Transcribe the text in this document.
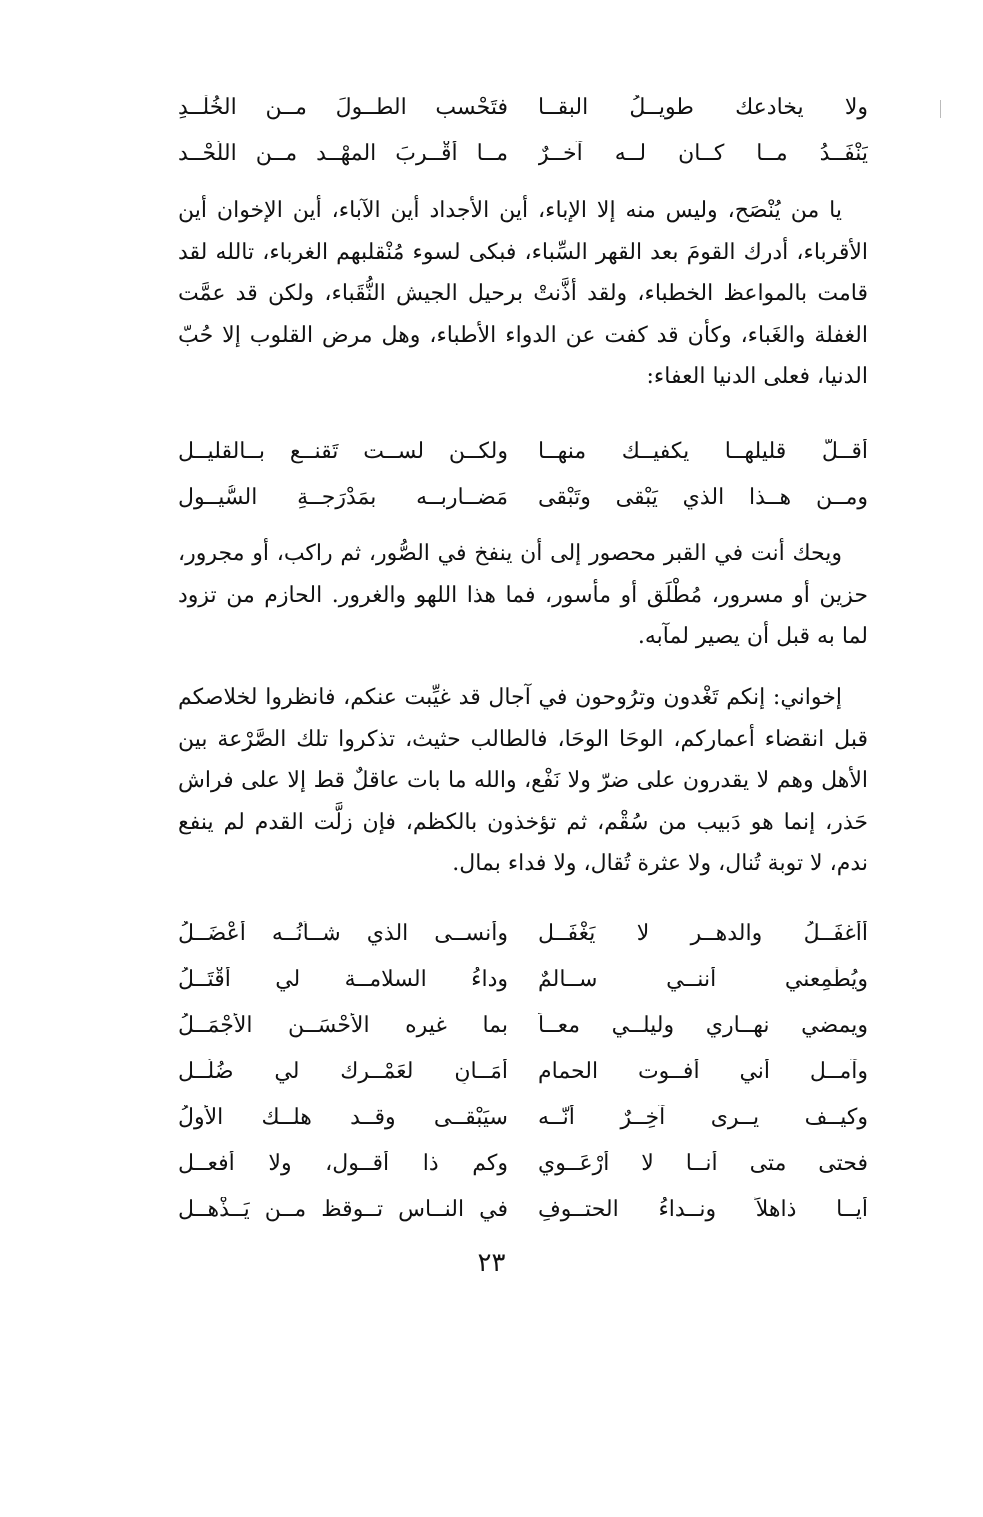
ولا يخادعك طويــلُ البقــا
فتَحْسب الطــولَ مــن الخُلْــدِ
يَنْفَــدُ مــا كــان لــه آخــرٌ
مــا أَقْــربَ المهْــد مــن اللَّحْــد

يا من يُنْصَح، وليس منه إلا الإباء، أين الأجداد أين الآباء، أين الإخوان أين الأقرباء، أدرك القومَ بعد القهر السِّباء، فبكى لسوء مُنْقلبهم الغرباء، تالله لقد قامت بالمواعظ الخطباء، ولقد أذَّنتْ برحيل الجيش النُّقَباء، ولكن قد عمَّت الغفلة والغَباء، وكأن قد كفت عن الدواء الأطباء، وهل مرض القلوب إلا حُبّ الدنيا، فعلى الدنيا العفاء:

أقــلُّ قليلهــا يكفيــك منهــا
ولكــن لســت تَقنــع بــالقليــل
ومــن هــذا الذي يَبْقى وتَبْقى
مَضــاربــه بمَدْرَجــةِ السُّيــول

ويحك أنت في القبر محصور إلى أن ينفخ في الصُّور، ثم راكب، أو مجرور، حزين أو مسرور، مُطْلَق أو مأسور، فما هذا اللهو والغرور. الحازم من تزود لما به قبل أن يصير لمآبه.

إخواني: إنكم تَغْدون وترُوحون في آجال قد غيِّبت عنكم، فانظروا لخلاصكم قبل انقضاء أعماركم، الوحَا الوحَا، فالطالب حثيث، تذكروا تلك الصَّرْعة بين الأهل وهم لا يقدرون على ضرّ ولا نَفْع، والله ما بات عاقلٌ قط إلا على فراش حَذر، إنما هو دَبيب من سُقْم، ثم تؤخذون بالكظم، فإن زلَّت القدم لم ينفع ندم، لا توبة تُنال، ولا عثرة تُقال، ولا فداء بمال.

أأغفَــلُ والدهــر لا يَغْفَــل
وأنســى الذي شــأنُــه أعْضَــلُ
ويُطْمِعني أننــي ســالمٌ
وداءُ السلامــة لي أَقْتَــلُ
ويمضي نهــاري وليلــي معــاً
بما غيره الأحْسَــن الأجْمَــلُ
وآمــل أني أفــوت الحمام
أمَــانٍ لعَمْــرك لي ضُلَّــل
وكيــف يــرى آخِــرٌ أنّــه
سيَبْقــى وقــد هلــك الأولُ
فحتى متى أنــا لا أرْعَــوي
وكم ذا أقــول، ولا أفعــل
أيــا ذاهلاً ونــداءُ الحتــوفِ
في النــاس تــوقظ مــن يَــذْهــل
٢٣
